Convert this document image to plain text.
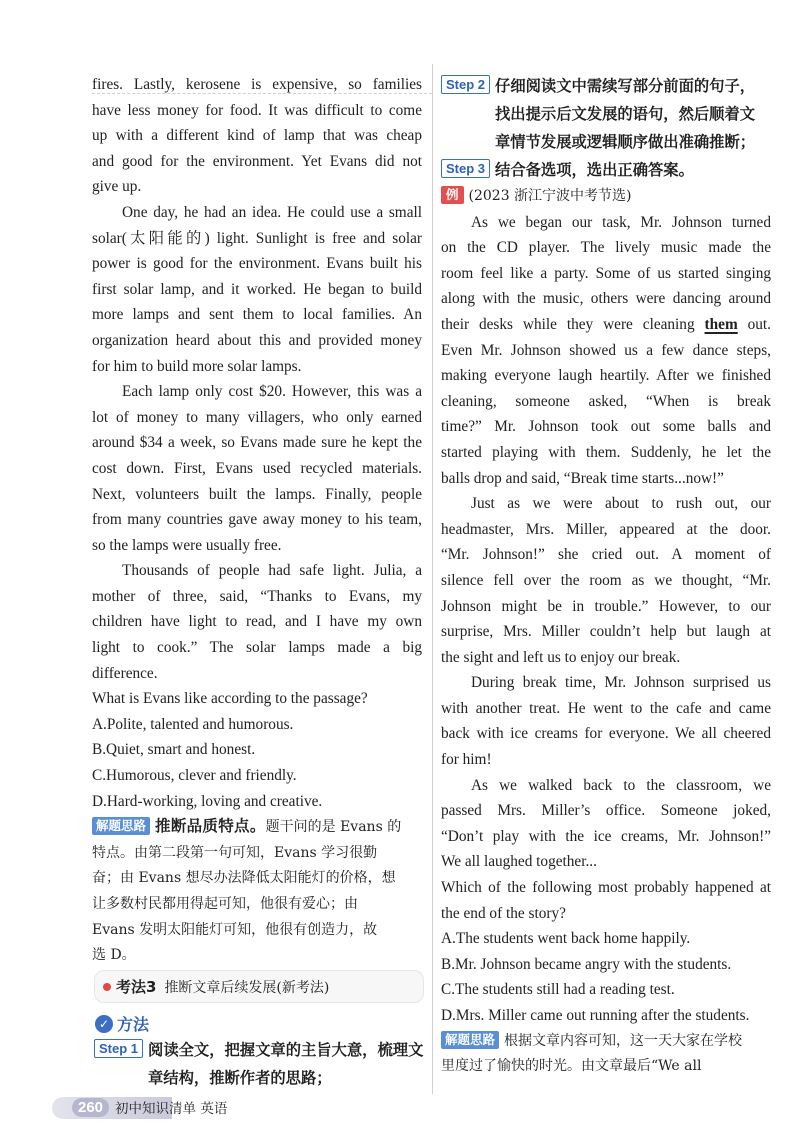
fires. Lastly, kerosene is expensive, so families
have less money for food. It was difficult to come
up with a different kind of lamp that was cheap
and good for the environment. Yet Evans did not
give up.
One day, he had an idea. He could use a small
solar(太阳能的) light. Sunlight is free and solar
power is good for the environment. Evans built his
first solar lamp, and it worked. He began to build
more lamps and sent them to local families. An
organization heard about this and provided money
for him to build more solar lamps.
Each lamp only cost $20. However, this was a
lot of money to many villagers, who only earned
around $34 a week, so Evans made sure he kept the
cost down. First, Evans used recycled materials.
Next, volunteers built the lamps. Finally, people
from many countries gave away money to his team,
so the lamps were usually free.
Thousands of people had safe light. Julia, a
mother of three, said, “Thanks to Evans, my
children have light to read, and I have my own
light to cook.” The solar lamps made a big
difference.
What is Evans like according to the passage?
A.Polite, talented and humorous.
B.Quiet, smart and honest.
C.Humorous, clever and friendly.
D.Hard-working, loving and creative.
解题思路 推断品质特点。题干问的是 Evans 的
特点。由第二段第一句可知，Evans 学习很勤
奋；由 Evans 想尽办法降低太阳能灯的价格，想
让多数村民都用得起可知，他很有爱心；由
Evans 发明太阳能灯可知，他很有创造力，故
选 D。
考法3 推断文章后续发展(新考法)
✓ 方法
Step 1 阅读全文，把握文章的主旨大意，梳理文
章结构，推断作者的思路；
Step 2 仔细阅读文中需续写部分前面的句子，
找出提示后文发展的语句，然后顺着文
章情节发展或逻辑顺序做出准确推断；
Step 3 结合备选项，选出正确答案。
例 (2023 浙江宁波中考节选)
As we began our task, Mr. Johnson turned
on the CD player. The lively music made the
room feel like a party. Some of us started singing
along with the music, others were dancing around
their desks while they were cleaning them out.
Even Mr. Johnson showed us a few dance steps,
making everyone laugh heartily. After we finished
cleaning, someone asked, “When is break
time?” Mr. Johnson took out some balls and
started playing with them. Suddenly, he let the
balls drop and said, “Break time starts...now!”
Just as we were about to rush out, our
headmaster, Mrs. Miller, appeared at the door.
“Mr. Johnson!” she cried out. A moment of
silence fell over the room as we thought, “Mr.
Johnson might be in trouble.” However, to our
surprise, Mrs. Miller couldn’t help but laugh at
the sight and left us to enjoy our break.
During break time, Mr. Johnson surprised us
with another treat. He went to the cafe and came
back with ice creams for everyone. We all cheered
for him!
As we walked back to the classroom, we
passed Mrs. Miller’s office. Someone joked,
“Don’t play with the ice creams, Mr. Johnson!”
We all laughed together...
Which of the following most probably happened at
the end of the story?
A.The students went back home happily.
B.Mr. Johnson became angry with the students.
C.The students still had a reading test.
D.Mrs. Miller came out running after the students.
解题思路 根据文章内容可知，这一天大家在学校
里度过了愉快的时光。由文章最后“We all
260 初中知识清单 英语
